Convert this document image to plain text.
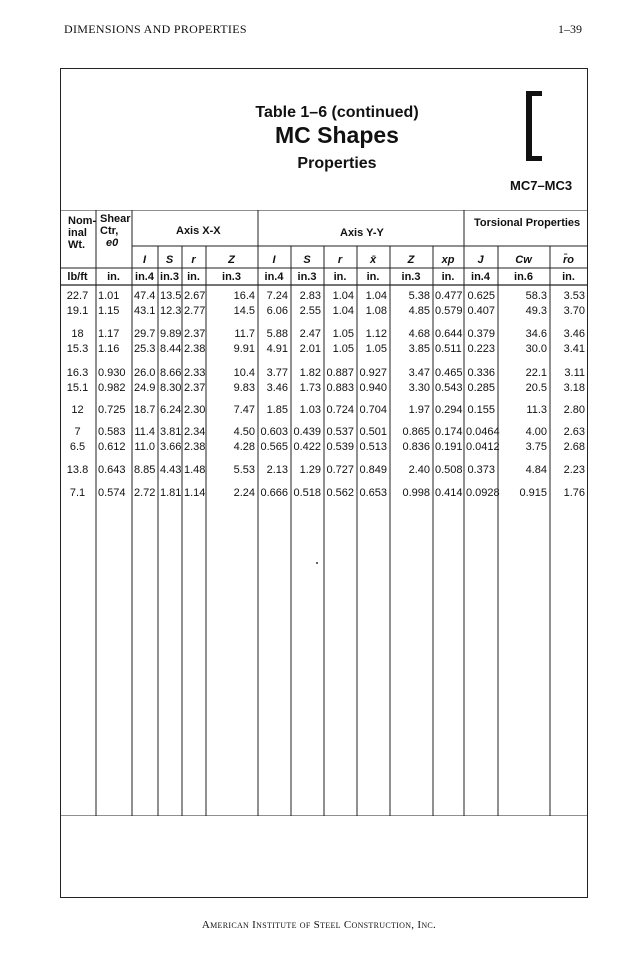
DIMENSIONS AND PROPERTIES	1–39
Table 1–6 (continued)
MC Shapes
Properties
MC7–MC3
Nom-
inal
Wt.
Shear
Ctr,
e0
Axis X-X	Axis Y-Y
Torsional Properties
I	S	r	Z	I	S	r	x̄	Z	xp	J	Cw	r̄o
lb/ft	in.	in.4 in.3 in.	in.3	in.4	in.3	in.	in.	in.3	in.	in.4	in.6	in.
22.7 1.01	47.4 13.5 2.67	16.4	7.24	2.83	1.04	1.04	5.38 0.477 0.625	58.3	3.53
19.1 1.15	43.1 12.3 2.77	14.5	6.06	2.55	1.04	1.08	4.85 0.579 0.407	49.3	3.70
18	1.17	29.7 9.89 2.37	11.7	5.88	2.47	1.05	1.12	4.68 0.644 0.379	34.6	3.46
15.3 1.16	25.3 8.44 2.38	9.91	4.91	2.01	1.05	1.05	3.85 0.511 0.223	30.0	3.41
16.3 0.930 26.0 8.66 2.33	10.4	3.77	1.82 0.887 0.927	3.47 0.465 0.336	22.1	3.11
15.1 0.982 24.9 8.30 2.37	9.83	3.46	1.73 0.883 0.940	3.30 0.543 0.285	20.5	3.18
12	0.725 18.7 6.24 2.30	7.47	1.85	1.03 0.724 0.704	1.97 0.294 0.155	11.3	2.80
7	0.583 11.4 3.81 2.34	4.50 0.603 0.439 0.537 0.501	0.865 0.174 0.0464	4.00	2.63
6.5	0.612 11.0 3.66 2.38	4.28 0.565 0.422 0.539 0.513	0.836 0.191 0.0412	3.75	2.68
13.8 0.643 8.85 4.43 1.48	5.53	2.13	1.29 0.727 0.849	2.40 0.508 0.373	4.84	2.23
7.1	0.574 2.72 1.81 1.14	2.24 0.666 0.518 0.562 0.653	0.998 0.414 0.0928	0.915	1.76
American Institute of Steel Construction, Inc.
